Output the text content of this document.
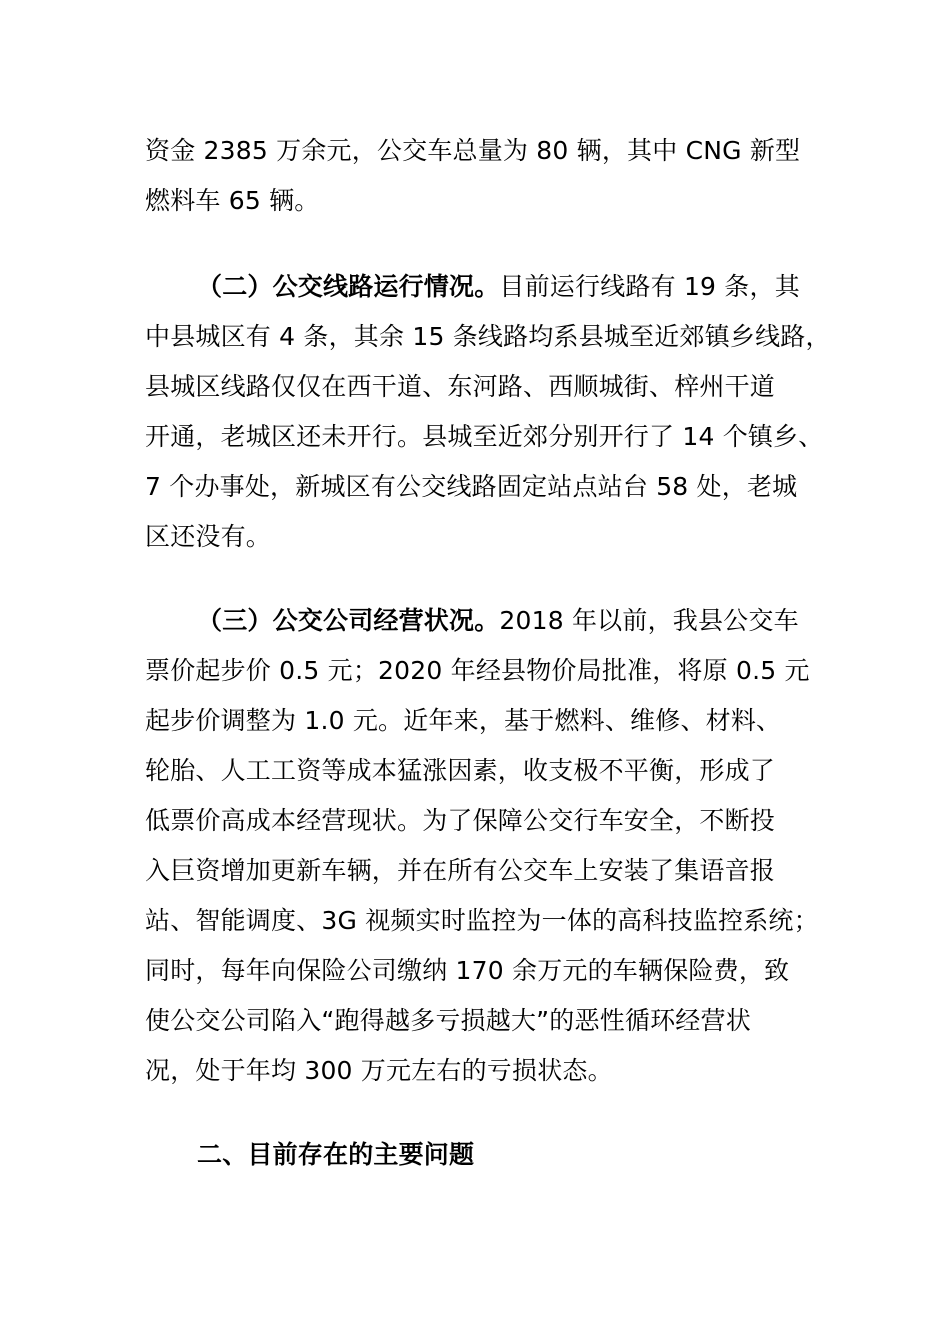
资金 2385 万余元，公交车总量为 80 辆，其中 CNG 新型
燃料车 65 辆。
（二）公交线路运行情况。目前运行线路有 19 条，其
中县城区有 4 条，其余 15 条线路均系县城至近郊镇乡线路，
县城区线路仅仅在西干道、东河路、西顺城街、梓州干道
开通，老城区还未开行。县城至近郊分别开行了 14 个镇乡、
7 个办事处，新城区有公交线路固定站点站台 58 处，老城
区还没有。
（三）公交公司经营状况。2018 年以前，我县公交车
票价起步价 0.5 元；2020 年经县物价局批准，将原 0.5 元
起步价调整为 1.0 元。近年来，基于燃料、维修、材料、
轮胎、人工工资等成本猛涨因素，收支极不平衡，形成了
低票价高成本经营现状。为了保障公交行车安全，不断投
入巨资增加更新车辆，并在所有公交车上安装了集语音报
站、智能调度、3G 视频实时监控为一体的高科技监控系统；
同时，每年向保险公司缴纳 170 余万元的车辆保险费，致
使公交公司陷入“跑得越多亏损越大”的恶性循环经营状
况，处于年均 300 万元左右的亏损状态。
二、目前存在的主要问题
